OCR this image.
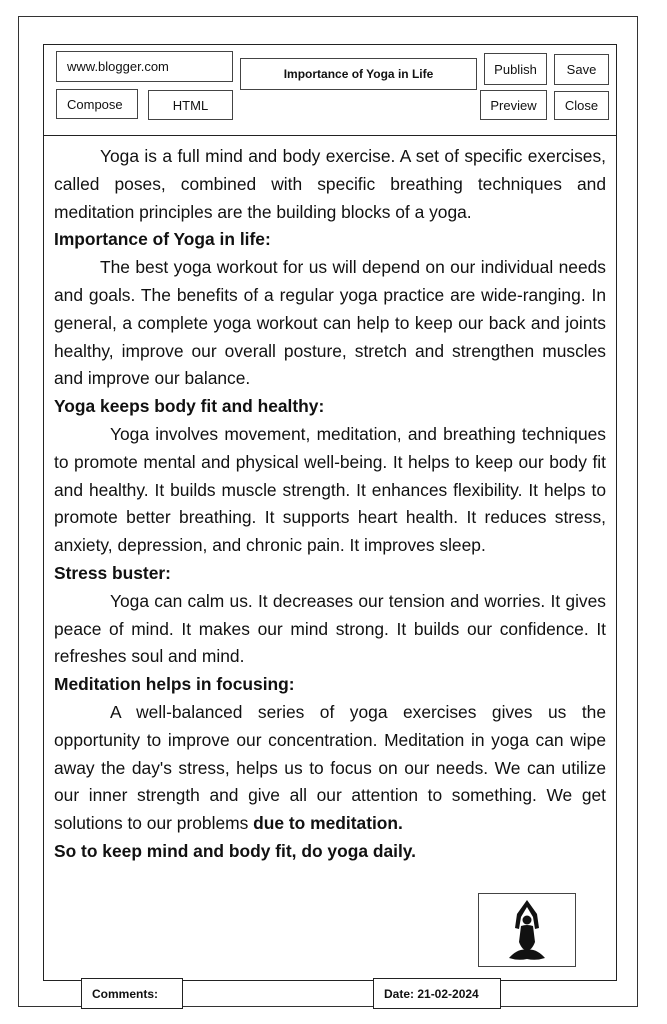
www.blogger.com	Importance of Yoga in Life	Publish	Save
Compose	HTML	Preview	Close

Yoga is a full mind and body exercise. A set of specific exercises, called poses, combined with specific breathing techniques and meditation principles are the building blocks of a yoga.

Importance of Yoga in life:

The best yoga workout for us will depend on our individual needs and goals. The benefits of a regular yoga practice are wide-ranging. In general, a complete yoga workout can help to keep our back and joints healthy, improve our overall posture, stretch and strengthen muscles and improve our balance.

Yoga keeps body fit and healthy:

Yoga involves movement, meditation, and breathing techniques to promote mental and physical well-being. It helps to keep our body fit and healthy. It builds muscle strength. It enhances flexibility. It helps to promote better breathing. It supports heart health. It reduces stress, anxiety, depression, and chronic pain. It improves sleep.

Stress buster:

Yoga can calm us. It decreases our tension and worries. It gives peace of mind. It makes our mind strong. It builds our confidence. It refreshes soul and mind.

Meditation helps in focusing:

A well-balanced series of yoga exercises gives us the opportunity to improve our concentration. Meditation in yoga can wipe away the day's stress, helps us to focus on our needs. We can utilize our inner strength and give all our attention to something. We get solutions to our problems due to meditation.

So to keep mind and body fit, do yoga daily.

Comments:	Date: 21-02-2024
